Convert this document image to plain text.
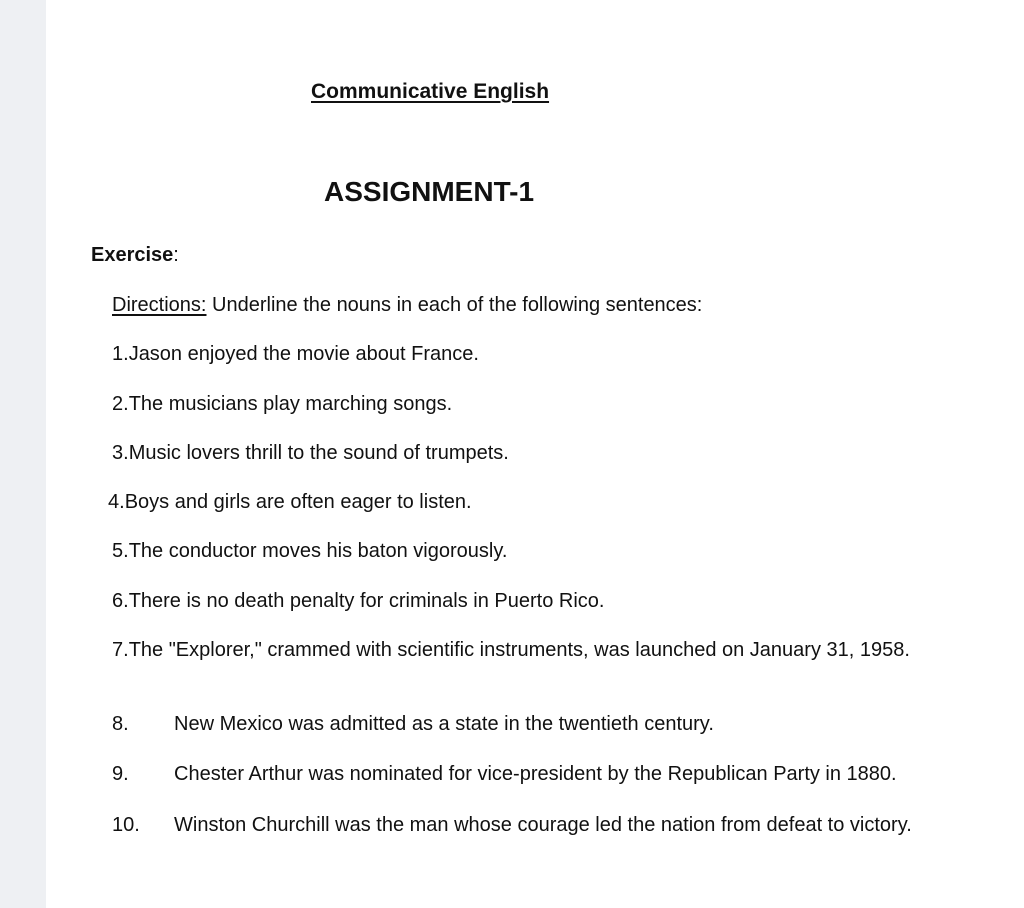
Communicative English
ASSIGNMENT-1
Exercise:
Directions: Underline the nouns in each of the following sentences:
1.Jason enjoyed the movie about France.
2.The musicians play marching songs.
3.Music lovers thrill to the sound of trumpets.
4.Boys and girls are often eager to listen.
5.The conductor moves his baton vigorously.
6.There is no death penalty for criminals in Puerto Rico.
7.The "Explorer," crammed with scientific instruments, was launched on January 31, 1958.
8. New Mexico was admitted as a state in the twentieth century.
9. Chester Arthur was nominated for vice-president by the Republican Party in 1880.
10. Winston Churchill was the man whose courage led the nation from defeat to victory.
